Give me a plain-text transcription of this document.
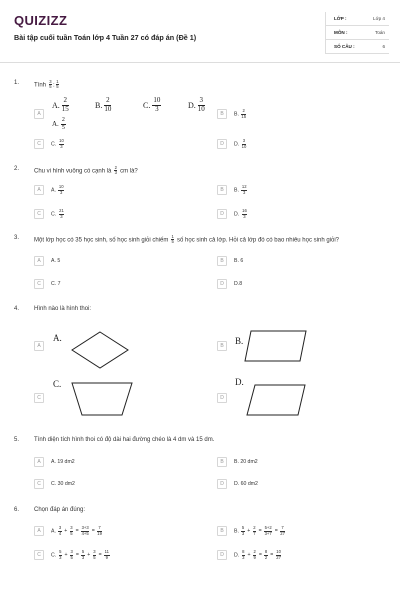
QUIZIZZ
Bài tập cuối tuần Toán lớp 4 Tuần 27 có đáp án (Đề 1)
LỚP :	Lớp 4
MÔN :	Toán
SỐ CÂU :	6
1. Tính $\frac{3}{5}$ : $\frac{1}{5}$
A. $\frac{2}{15}$	B. $\frac{2}{10}$	C. $\frac{10}{3}$	D. $\frac{3}{10}$
A
A. $\frac{2}{5}$
B	B. $\frac{2}{15}$
C	C. $\frac{10}{3}$	D	D. $\frac{3}{10}$
2. Chu vi hình vuông có cạnh là $\frac{2}{3}$ cm là?
A	A. $\frac{10}{3}$	B	B. $\frac{12}{3}$
C	C. $\frac{21}{3}$	D	D. $\frac{16}{3}$
3. Một lớp học có 35 học sinh, số học sinh giỏi chiếm $\frac{1}{5}$ số học sinh cả lớp. Hỏi cả lớp đó có bao nhiêu học sinh giỏi?
A	A. 5	B	B. 6
C	C. 7	D	D.8
4. Hình nào là hình thoi:
A
A.
B	B.
C
C.
D
D.
5. Tính diện tích hình thoi có độ dài hai đường chéo là 4 dm và 15 dm.
A	A. 19 dm2	B	B. 20 dm2
C	C. 30 dm2	D	D. 60 dm2
6. Chọn đáp án đúng:
A	A. $\frac{3}{4} + \frac{3}{5} = \frac{3+3}{4+5} = \frac{7}{19}$	B	B. $\frac{5}{3} + \frac{2}{7} = \frac{5+2}{3+7} = \frac{7}{27}$
C	C. $\frac{5}{3} + \frac{3}{5} = \frac{5}{3} + \frac{3}{5} = \frac{11}{9}$	D	D. $\frac{8}{3} + \frac{2}{9} = \frac{8}{2} = \frac{10}{27}$
